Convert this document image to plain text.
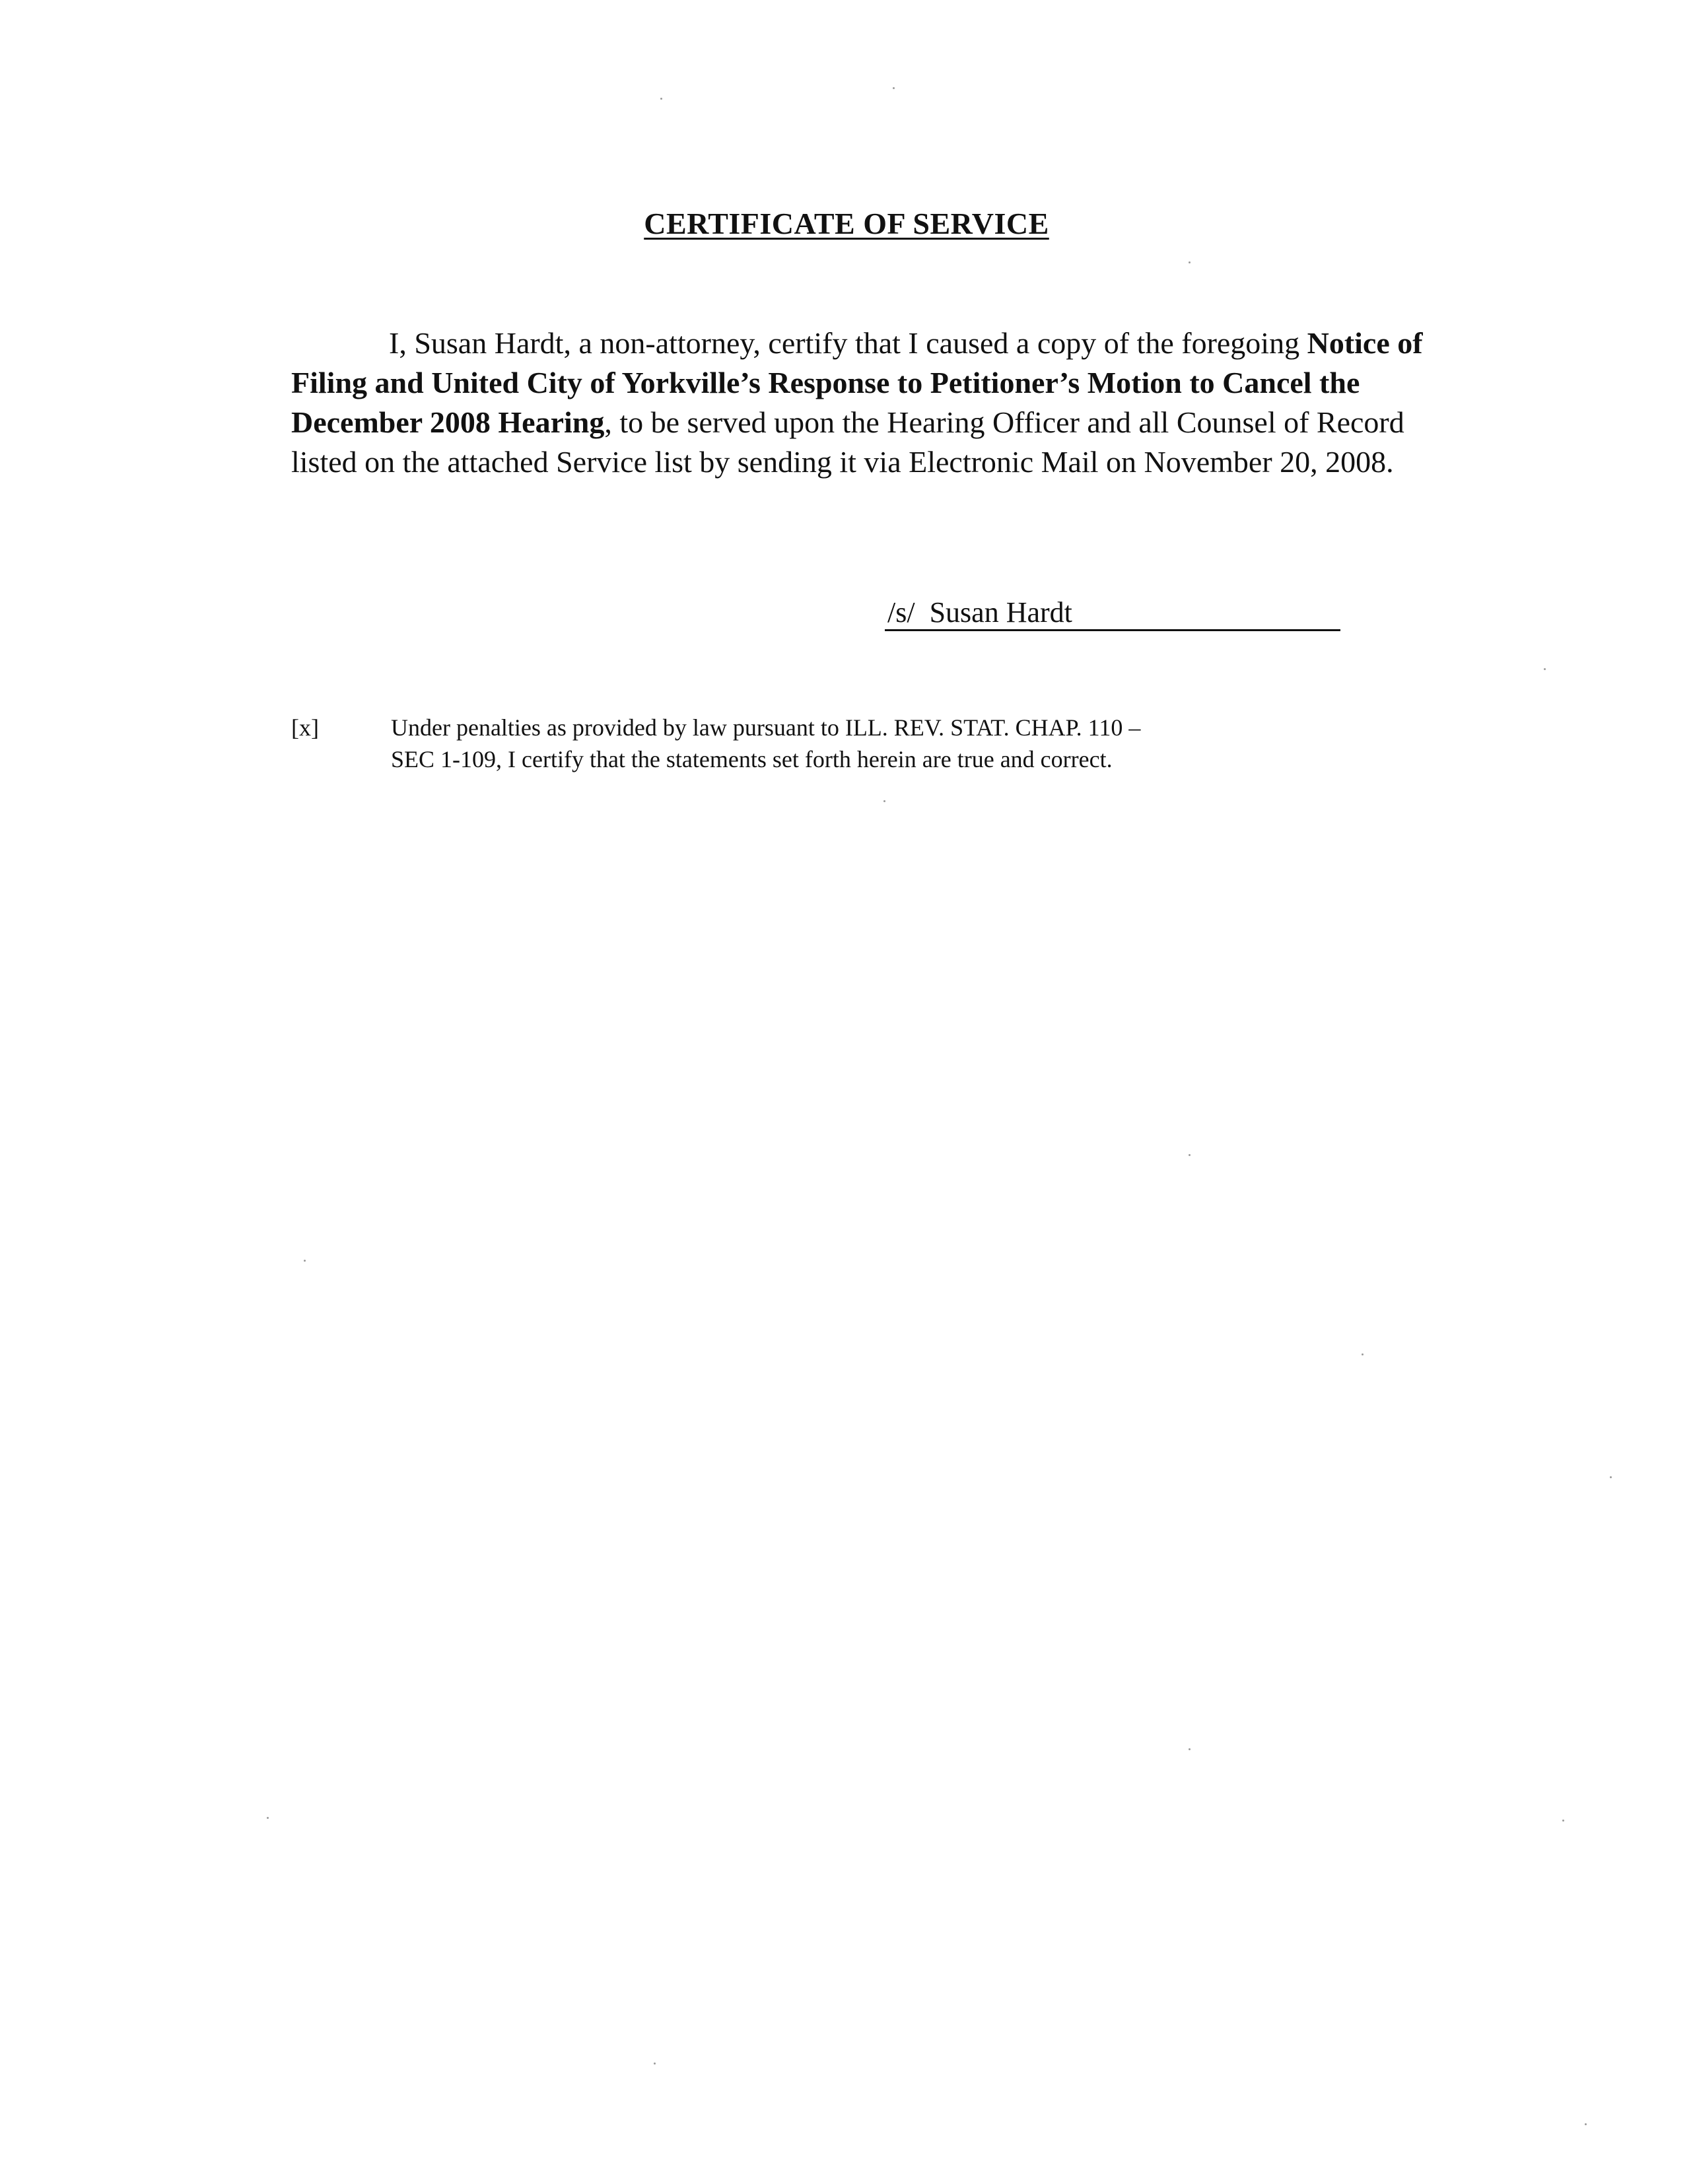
CERTIFICATE OF SERVICE

I, Susan Hardt, a non-attorney, certify that I caused a copy of the foregoing Notice of Filing and United City of Yorkville’s Response to Petitioner’s Motion to Cancel the December 2008 Hearing, to be served upon the Hearing Officer and all Counsel of Record listed on the attached Service list by sending it via Electronic Mail on November 20, 2008.

/s/  Susan Hardt
[x]	Under penalties as provided by law pursuant to ILL. REV. STAT. CHAP. 110 – SEC 1-109, I certify that the statements set forth herein are true and correct.
